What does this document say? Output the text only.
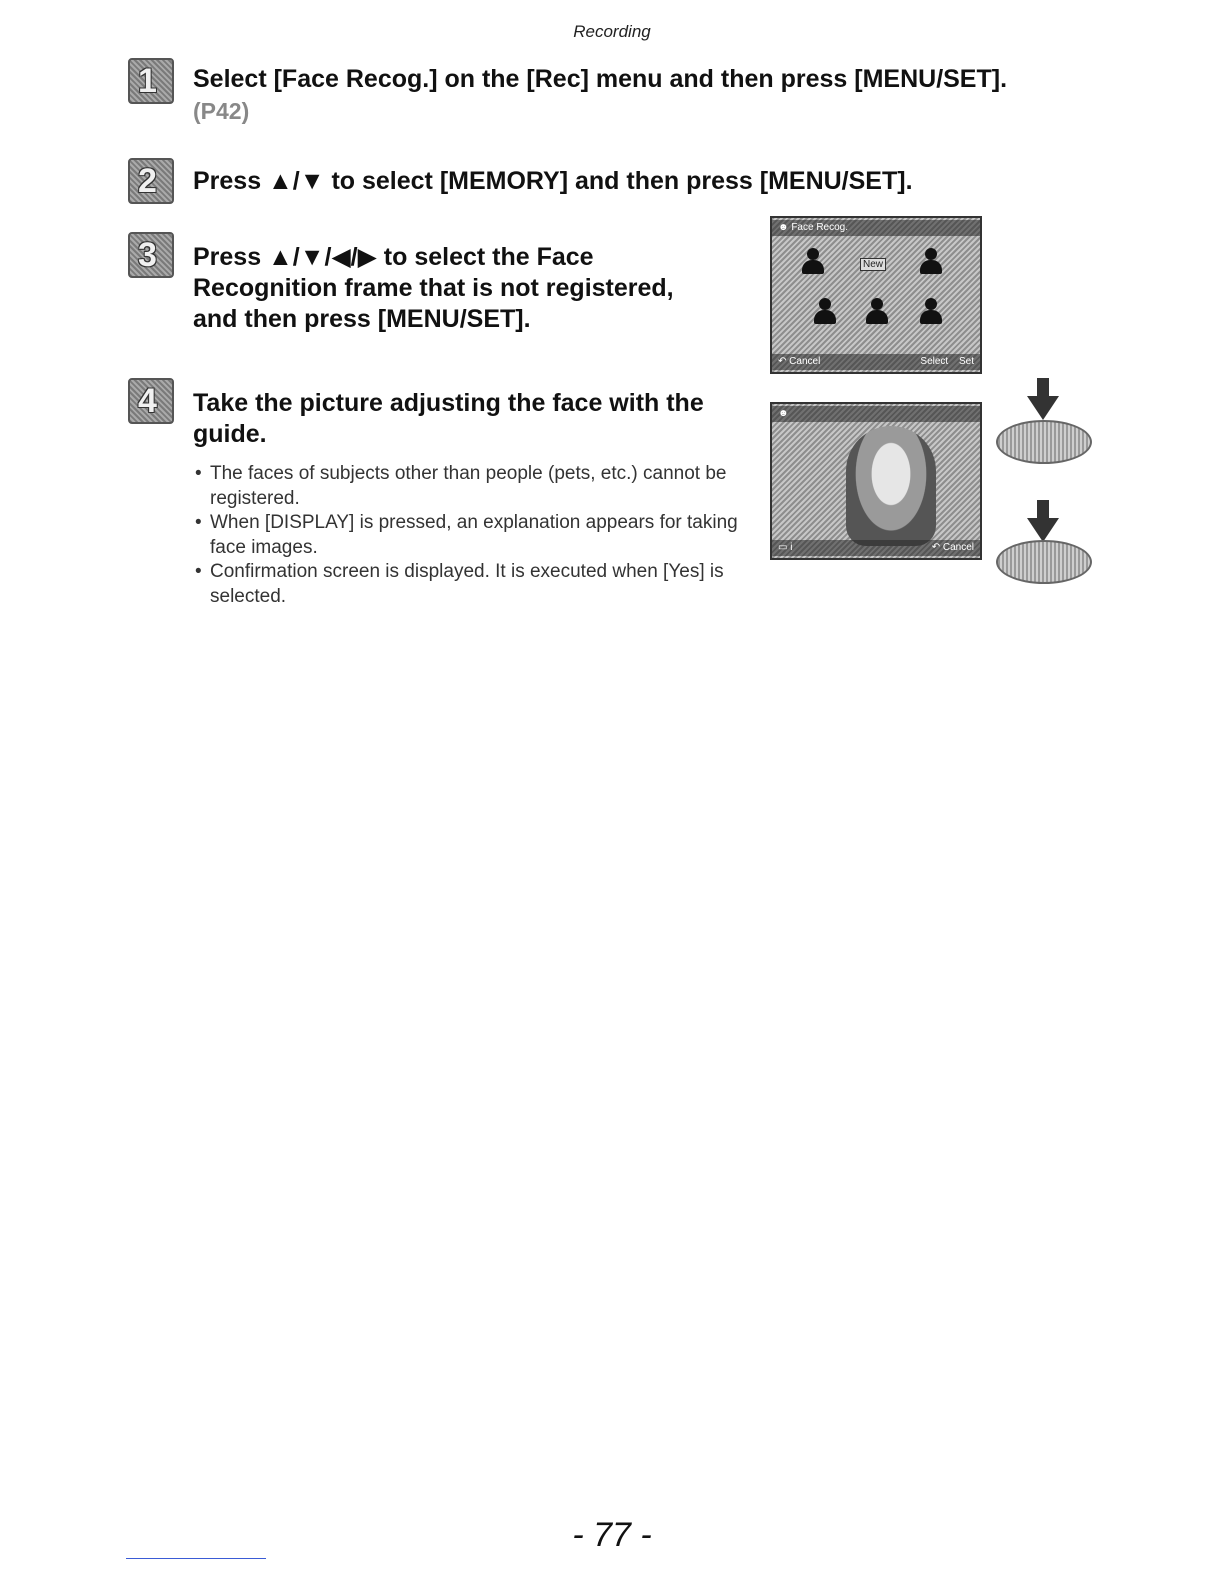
Recording
1 Select [Face Recog.] on the [Rec] menu and then press [MENU/SET].
(P42)
2 Press ▲/▼ to select [MEMORY] and then press [MENU/SET].
3 Press ▲/▼/◀/▶ to select the Face
Recognition frame that is not registered,
and then press [MENU/SET].
4 Take the picture adjusting the face with the
guide.
• The faces of subjects other than people (pets, etc.) cannot be registered.
• When [DISPLAY] is pressed, an explanation appears for taking face images.
• Confirmation screen is displayed. It is executed when [Yes] is selected.
☻ Face Recog.
New
↶ Cancel	Select Set
☻
▭ i	↶ Cancel
- 77 -
